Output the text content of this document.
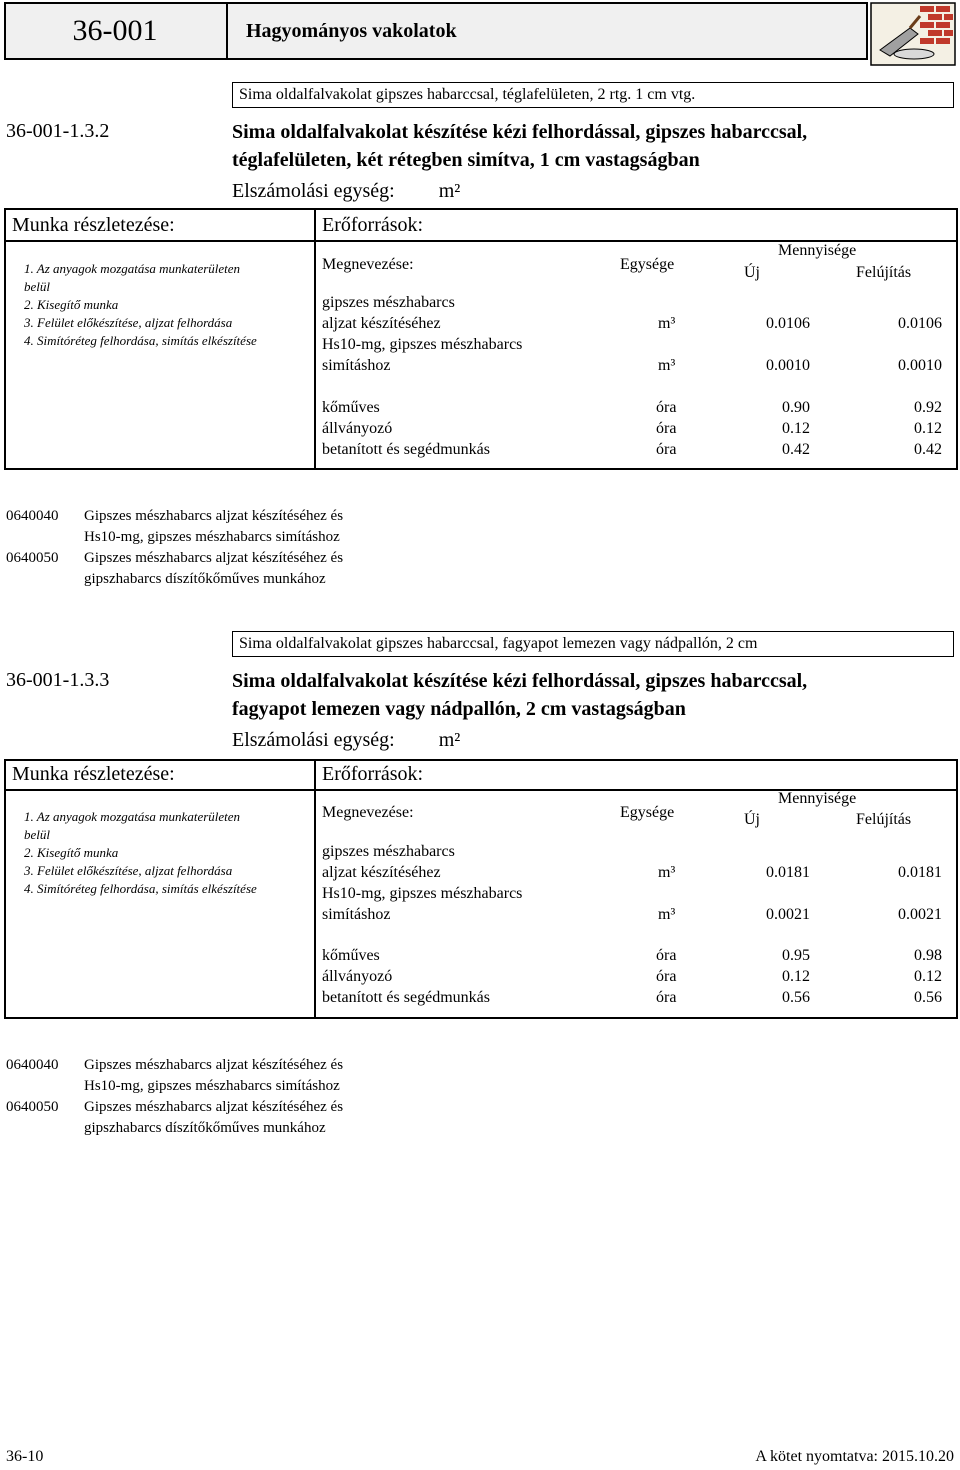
36-001	Hagyományos vakolatok
Sima oldalfalvakolat gipszes habarccsal, téglafelületen, 2 rtg. 1 cm vtg.
36-001-1.3.2	Sima oldalfalvakolat készítése kézi felhordással, gipszes habarccsal,
téglafelületen, két rétegben simítva, 1 cm vastagságban
Elszámolási egység: m²
Munka részletezése:	Erőforrások:
1. Az anyagok mozgatása munkaterületen
belül
2. Kisegítő munka
3. Felület előkészítése, aljzat felhordása
4. Simítóréteg felhordása, simítás elkészítése
Megnevezése:	Egysége
Mennyisége
Új	Felújítás
gipszes mészhabarcs
aljzat készítéséhez	m³	0.0106	0.0106
Hs10-mg, gipszes mészhabarcs
simításhoz	m³	0.0010	0.0010
kőműves	óra	0.90	0.92
állványozó	óra	0.12	0.12
betanított és segédmunkás	óra	0.42	0.42
0640040 Gipszes mészhabarcs aljzat készítéséhez és
Hs10-mg, gipszes mészhabarcs simításhoz
0640050 Gipszes mészhabarcs aljzat készítéséhez és
gipszhabarcs díszítőkőműves munkához
Sima oldalfalvakolat gipszes habarccsal, fagyapot lemezen vagy nádpallón, 2 cm
36-001-1.3.3	Sima oldalfalvakolat készítése kézi felhordással, gipszes habarccsal,
fagyapot lemezen vagy nádpallón, 2 cm vastagságban
Elszámolási egység: m²
Munka részletezése:	Erőforrások:
1. Az anyagok mozgatása munkaterületen
belül
2. Kisegítő munka
3. Felület előkészítése, aljzat felhordása
4. Simítóréteg felhordása, simítás elkészítése
Megnevezése:	Egysége
Mennyisége
Új	Felújítás
gipszes mészhabarcs
aljzat készítéséhez	m³	0.0181	0.0181
Hs10-mg, gipszes mészhabarcs
simításhoz	m³	0.0021	0.0021
kőműves	óra	0.95	0.98
állványozó	óra	0.12	0.12
betanított és segédmunkás	óra	0.56	0.56
0640040 Gipszes mészhabarcs aljzat készítéséhez és
Hs10-mg, gipszes mészhabarcs simításhoz
0640050 Gipszes mészhabarcs aljzat készítéséhez és
gipszhabarcs díszítőkőműves munkához
36-10	A kötet nyomtatva: 2015.10.20
